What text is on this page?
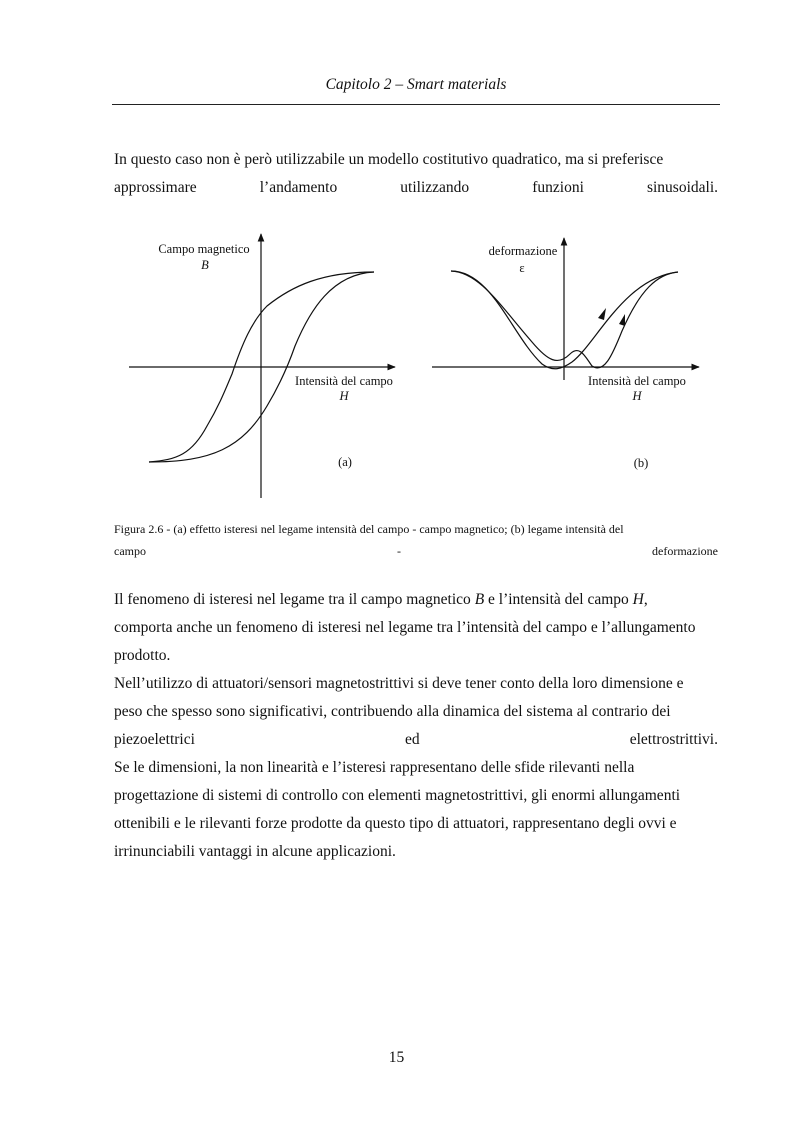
Capitolo 2 – Smart materials

In questo caso non è però utilizzabile un modello costitutivo quadratico, ma si preferisce
approssimare l’andamento utilizzando funzioni sinusoidali.

Campo magnetico
B
Intensità del campo
H
(a)
deformazione
ε
Intensità del campo
H
(b)

Figura 2.6 - (a) effetto isteresi nel legame intensità del campo - campo magnetico; (b) legame intensità del
campo - deformazione

Il fenomeno di isteresi nel legame tra il campo magnetico B e l’intensità del campo H,
comporta anche un fenomeno di isteresi nel legame tra l’intensità del campo e l’allungamento
prodotto.

Nell’utilizzo di attuatori/sensori magnetostrittivi si deve tener conto della loro dimensione e
peso che spesso sono significativi, contribuendo alla dinamica del sistema al contrario dei
piezoelettrici ed elettrostrittivi.

Se le dimensioni, la non linearità e l’isteresi rappresentano delle sfide rilevanti nella
progettazione di sistemi di controllo con elementi magnetostrittivi, gli enormi allungamenti
ottenibili e le rilevanti forze prodotte da questo tipo di attuatori, rappresentano degli ovvi e
irrinunciabili vantaggi in alcune applicazioni.

15
